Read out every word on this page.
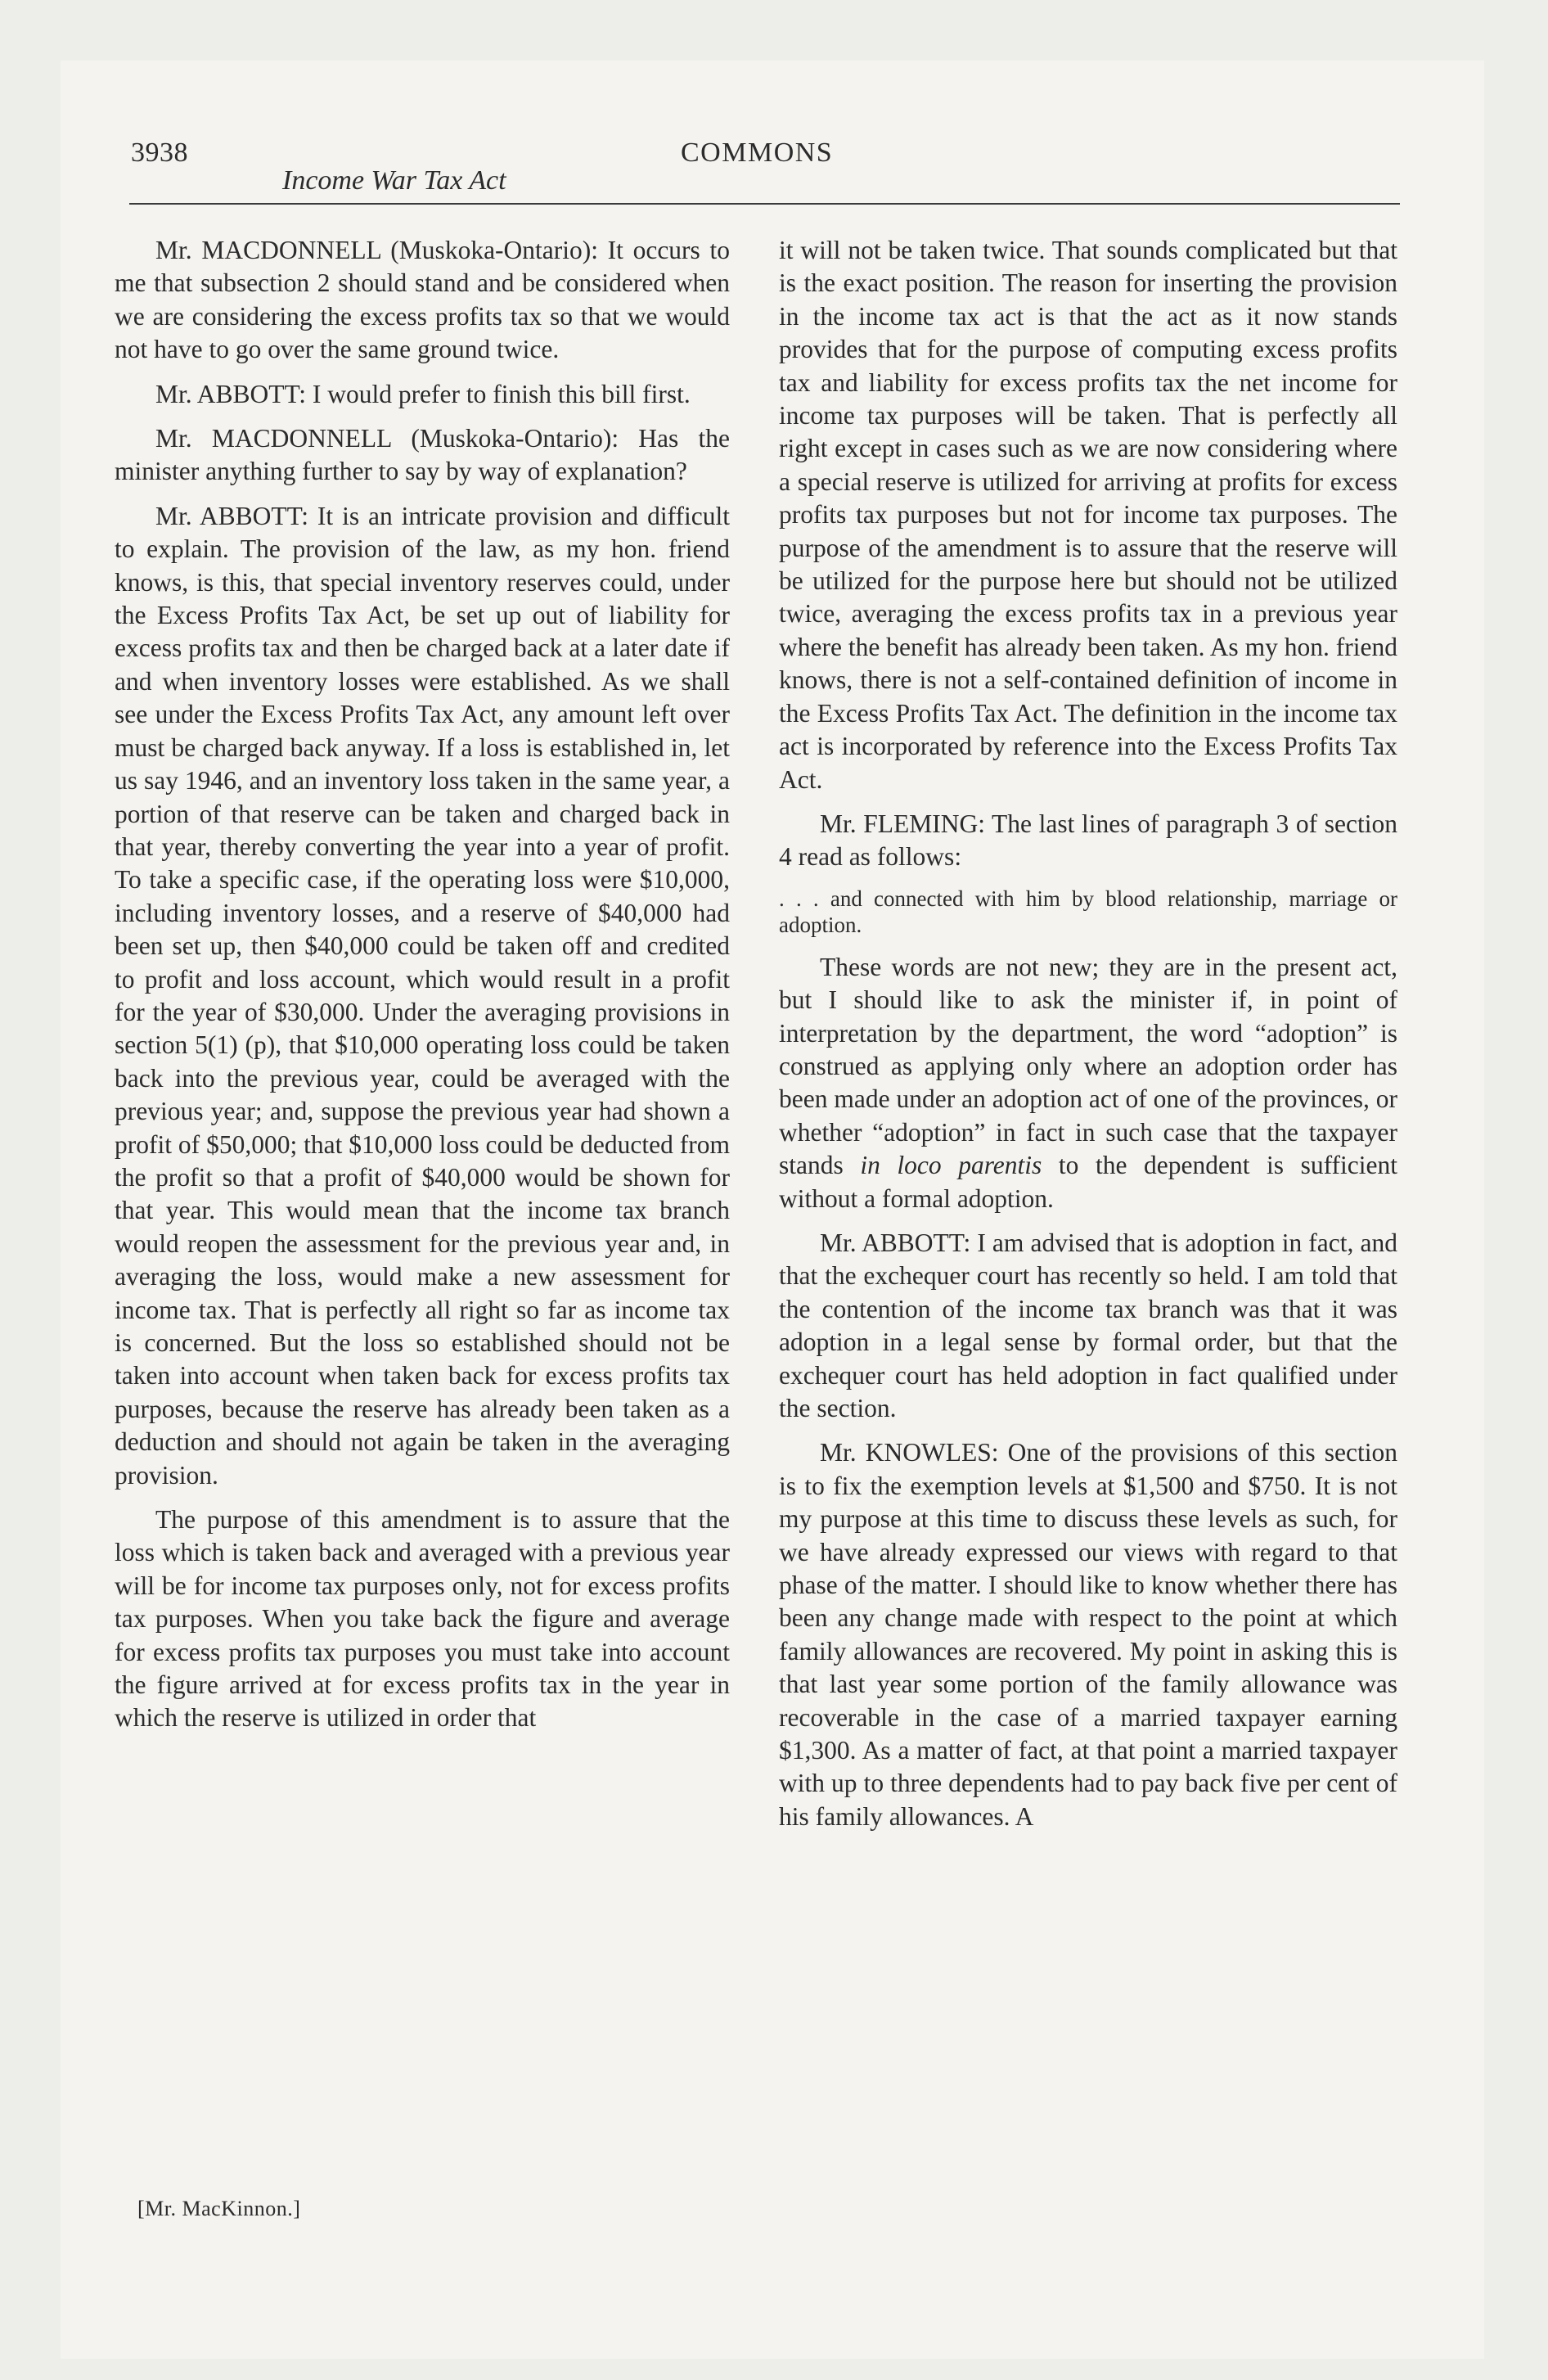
3938
Income War Tax Act
COMMONS

Mr. MACDONNELL (Muskoka-Ontario): It occurs to me that subsection 2 should stand and be considered when we are considering the excess profits tax so that we would not have to go over the same ground twice.

Mr. ABBOTT: I would prefer to finish this bill first.

Mr. MACDONNELL (Muskoka-Ontario): Has the minister anything further to say by way of explanation?

Mr. ABBOTT: It is an intricate provision and difficult to explain. The provision of the law, as my hon. friend knows, is this, that special inventory reserves could, under the Excess Profits Tax Act, be set up out of liability for excess profits tax and then be charged back at a later date if and when inventory losses were established. As we shall see under the Excess Profits Tax Act, any amount left over must be charged back anyway. If a loss is established in, let us say 1946, and an inventory loss taken in the same year, a portion of that reserve can be taken and charged back in that year, thereby converting the year into a year of profit. To take a specific case, if the operating loss were $10,000, including inventory losses, and a reserve of $40,000 had been set up, then $40,000 could be taken off and credited to profit and loss account, which would result in a profit for the year of $30,000. Under the averaging provisions in section 5(1) (p), that $10,000 operating loss could be taken back into the previous year, could be averaged with the previous year; and, suppose the previous year had shown a profit of $50,000; that $10,000 loss could be deducted from the profit so that a profit of $40,000 would be shown for that year. This would mean that the income tax branch would reopen the assessment for the previous year and, in averaging the loss, would make a new assessment for income tax. That is perfectly all right so far as income tax is concerned. But the loss so established should not be taken into account when taken back for excess profits tax purposes, because the reserve has already been taken as a deduction and should not again be taken in the averaging provision.

The purpose of this amendment is to assure that the loss which is taken back and averaged with a previous year will be for income tax purposes only, not for excess profits tax purposes. When you take back the figure and average for excess profits tax purposes you must take into account the figure arrived at for excess profits tax in the year in which the reserve is utilized in order that

it will not be taken twice. That sounds complicated but that is the exact position. The reason for inserting the provision in the income tax act is that the act as it now stands provides that for the purpose of computing excess profits tax and liability for excess profits tax the net income for income tax purposes will be taken. That is perfectly all right except in cases such as we are now considering where a special reserve is utilized for arriving at profits for excess profits tax purposes but not for income tax purposes. The purpose of the amendment is to assure that the reserve will be utilized for the purpose here but should not be utilized twice, averaging the excess profits tax in a previous year where the benefit has already been taken. As my hon. friend knows, there is not a self-contained definition of income in the Excess Profits Tax Act. The definition in the income tax act is incorporated by reference into the Excess Profits Tax Act.

Mr. FLEMING: The last lines of paragraph 3 of section 4 read as follows:

. . . and connected with him by blood relationship, marriage or adoption.

These words are not new; they are in the present act, but I should like to ask the minister if, in point of interpretation by the department, the word “adoption” is construed as applying only where an adoption order has been made under an adoption act of one of the provinces, or whether “adoption” in fact in such case that the taxpayer stands in loco parentis to the dependent is sufficient without a formal adoption.

Mr. ABBOTT: I am advised that is adoption in fact, and that the exchequer court has recently so held. I am told that the contention of the income tax branch was that it was adoption in a legal sense by formal order, but that the exchequer court has held adoption in fact qualified under the section.

Mr. KNOWLES: One of the provisions of this section is to fix the exemption levels at $1,500 and $750. It is not my purpose at this time to discuss these levels as such, for we have already expressed our views with regard to that phase of the matter. I should like to know whether there has been any change made with respect to the point at which family allowances are recovered. My point in asking this is that last year some portion of the family allowance was recoverable in the case of a married taxpayer earning $1,300. As a matter of fact, at that point a married taxpayer with up to three dependents had to pay back five per cent of his family allowances. A

[Mr. MacKinnon.]
